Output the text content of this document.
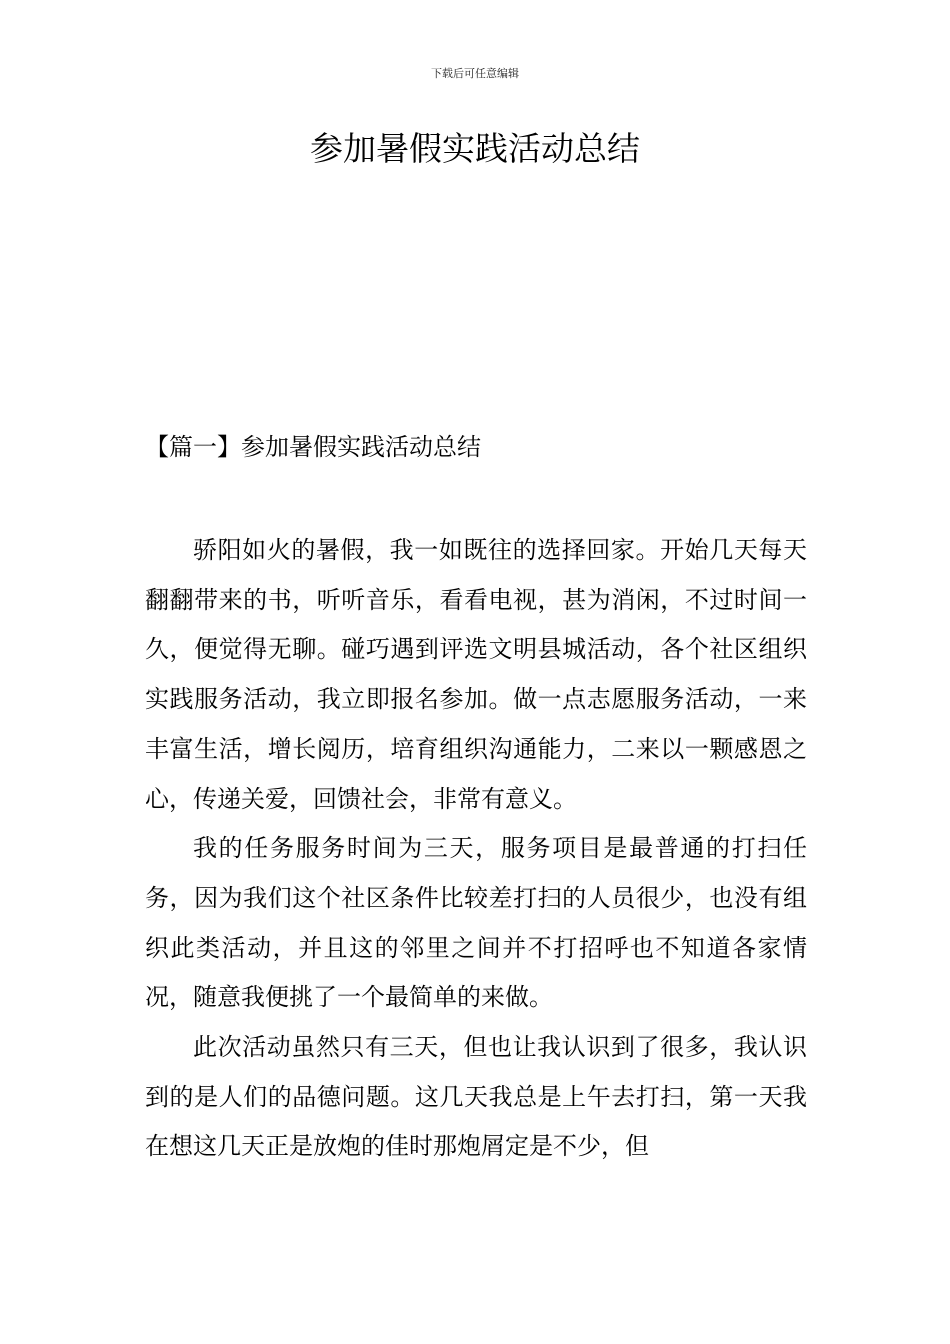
下载后可任意编辑
参加暑假实践活动总结
【篇一】参加暑假实践活动总结

骄阳如火的暑假，我一如既往的选择回家。开始几天每天翻翻带来的书，听听音乐，看看电视，甚为消闲，不过时间一久，便觉得无聊。碰巧遇到评选文明县城活动，各个社区组织实践服务活动，我立即报名参加。做一点志愿服务活动，一来丰富生活，增长阅历，培育组织沟通能力，二来以一颗感恩之心，传递关爱，回馈社会，非常有意义。

我的任务服务时间为三天，服务项目是最普通的打扫任务，因为我们这个社区条件比较差打扫的人员很少，也没有组织此类活动，并且这的邻里之间并不打招呼也不知道各家情况，随意我便挑了一个最简单的来做。

此次活动虽然只有三天，但也让我认识到了很多，我认识到的是人们的品德问题。这几天我总是上午去打扫，第一天我在想这几天正是放炮的佳时那炮屑定是不少，但
